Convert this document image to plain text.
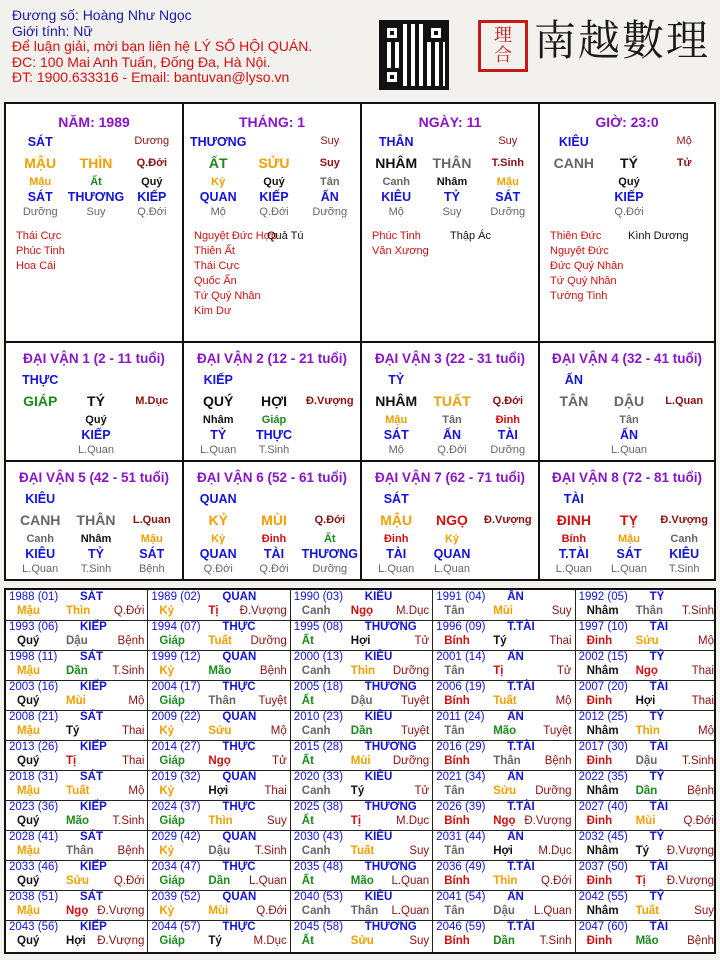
Đương số: Hoàng Như Ngọc
Giới tính: Nữ
Để luận giải, mời bạn liên hệ LÝ SỐ HỘI QUÁN.
ĐC: 100 Mai Anh Tuấn, Đống Đa, Hà Nội.
ĐT: 1900.633316 - Email: bantuvan@lyso.vn
理
合 南越數理
NĂM: 1989
SÁT	Dương
MẬU	THÌN	Q.Đới
Mậu	Ất	Quý
SÁT	THƯƠNG	KIẾP
Dưỡng	Suy	Q.Đới
Thái Cực
Phúc Tinh
Hoa Cái
THÁNG: 1
THƯƠNG	Suy
ẤT	SỬU	Suy
Kỷ	Quý	Tân
QUAN	KIẾP	ẤN
Mộ	Q.Đới	Dưỡng
Nguyệt Đức Hợp
Quả Tú
Thiên Ất
Thái Cực
Quốc Ấn
Tứ Quý Nhân
Kim Dư
NGÀY: 11
THÂN	Suy
NHÂM	THÂN	T.Sinh
Canh	Nhâm	Mậu
KIÊU	TỶ	SÁT
Mộ	Suy	Dưỡng
Phúc Tinh	Thập Ác
Văn Xương
GIỜ: 23:0
KIÊU	Mộ
CANH	TÝ	Tử
Quý
KIẾP
Q.Đới
Thiên Đức Kình Dương
Nguyệt Đức
Đức Quý Nhân
Tứ Quý Nhân
Tướng Tinh
ĐẠI VẬN 1 (2 - 11 tuổi)
THỰC
GIÁP	TÝ	M.Dục
Quý
KIẾP
L.Quan
ĐẠI VẬN 2 (12 - 21 tuổi)
KIẾP
QUÝ	HỢI	Đ.Vượng
Nhâm	Giáp
TỶ	THỰC
L.Quan	T.Sinh
ĐẠI VẬN 3 (22 - 31 tuổi)
TỶ
NHÂM	TUẤT	Q.Đới
Mậu	Tân	Đinh
SÁT	ẤN	TÀI
Mộ	Q.Đới	Dưỡng
ĐẠI VẬN 4 (32 - 41 tuổi)
ẤN
TÂN	DẬU	L.Quan
Tân
ẤN
L.Quan
ĐẠI VẬN 5 (42 - 51 tuổi)
KIÊU
CANH	THÂN	L.Quan
Canh	Nhâm	Mậu
KIÊU	TỶ	SÁT
L.Quan	T.Sinh	Bệnh
ĐẠI VẬN 6 (52 - 61 tuổi)
QUAN
KỶ	MÙI	Q.Đới
Kỷ	Đinh	Ất
QUAN	TÀI	THƯƠNG
Q.Đới	Q.Đới	Dưỡng
ĐẠI VẬN 7 (62 - 71 tuổi)
SÁT
MẬU	NGỌ	Đ.Vượng
Đinh	Kỷ
TÀI	QUAN
L.Quan	L.Quan
ĐẠI VẬN 8 (72 - 81 tuổi)
TÀI
ĐINH	TỴ	Đ.Vượng
Bính	Mậu	Canh
T.TÀI	SÁT	KIÊU
L.Quan	L.Quan	T.Sinh
1988 (01) SÁT
Mậu Thìn Q.Đới
1989 (02) QUAN
Kỷ	Tị Đ.Vượng
1990 (03) KIÊU
Canh Ngọ M.Dục
1991 (04) ẤN
Tân Mùi	Suy
1992 (05) TỶ
Nhâm Thân T.Sinh
1993 (06) KIẾP
Quý Dậu	Bệnh
1994 (07) THỰC
Giáp Tuất Dưỡng
1995 (08) THƯƠNG
Ất	Hợi	Tử
1996 (09) T.TÀI
Bính Tý	Thai
1997 (10) TÀI
Đinh Sửu	Mộ
1998 (11) SÁT
Mậu Dần T.Sinh
1999 (12) QUAN
Kỷ	Mão Bệnh
2000 (13) KIÊU
Canh Thìn Dưỡng
2001 (14) ẤN
Tân Tị	Tử
2002 (15) TỶ
Nhâm Ngọ	Thai
2003 (16) KIẾP
Quý Mùi	Mộ
2004 (17) THỰC
Giáp Thân Tuyệt
2005 (18) THƯƠNG
Ất	Dậu Tuyệt
2006 (19) T.TÀI
Bính Tuất	Mộ
2007 (20) TÀI
Đinh Hợi	Thai
2008 (21) SÁT
Mậu Tý	Thai
2009 (22) QUAN
Kỷ	Sửu	Mộ
2010 (23) KIÊU
Canh Dần Tuyệt
2011 (24) ẤN
Tân Mão Tuyệt
2012 (25) TỶ
Nhâm Thìn	Mộ
2013 (26) KIẾP
Quý Tị	Thai
2014 (27) THỰC
Giáp Ngọ	Tử
2015 (28) THƯƠNG
Ất	Mùi Dưỡng
2016 (29) T.TÀI
Bính Thân Bệnh
2017 (30) TÀI
Đinh Dậu T.Sinh
2018 (31) SÁT
Mậu Tuất	Mộ
2019 (32) QUAN
Kỷ	Hợi	Thai
2020 (33) KIÊU
Canh Tý	Tử
2021 (34) ẤN
Tân Sửu Dưỡng
2022 (35) TỶ
Nhâm Dần	Bệnh
2023 (36) KIẾP
Quý Mão T.Sinh
2024 (37) THỰC
Giáp Thìn	Suy
2025 (38) THƯƠNG
Ất	Tị	M.Dục
2026 (39) T.TÀI
Bính Ngọ Đ.Vượng
2027 (40) TÀI
Đinh Mùi Q.Đới
2028 (41) SÁT
Mậu Thân Bệnh
2029 (42) QUAN
Kỷ	Dậu T.Sinh
2030 (43) KIÊU
Canh Tuất	Suy
2031 (44) ẤN
Tân Hợi M.Dục
2032 (45) TỶ
Nhâm Tý Đ.Vượng
2033 (46) KIẾP
Quý Sửu Q.Đới
2034 (47) THỰC
Giáp Dần L.Quan
2035 (48) THƯƠNG
Ất	Mão L.Quan
2036 (49) T.TÀI
Bính Thìn Q.Đới
2037 (50) TÀI
Đinh Tị Đ.Vượng
2038 (51) SÁT
Mậu Ngọ Đ.Vượng
2039 (52) QUAN
Kỷ	Mùi Q.Đới
2040 (53) KIÊU
Canh Thân L.Quan
2041 (54) ẤN
Tân Dậu L.Quan
2042 (55) TỶ
Nhâm Tuất	Suy
2043 (56) KIẾP
Quý Hợi Đ.Vượng
2044 (57) THỰC
Giáp Tý	M.Dục
2045 (58) THƯƠNG
Ất	Sửu	Suy
2046 (59) T.TÀI
Bính Dần T.Sinh
2047 (60) TÀI
Đinh Mão Bệnh
